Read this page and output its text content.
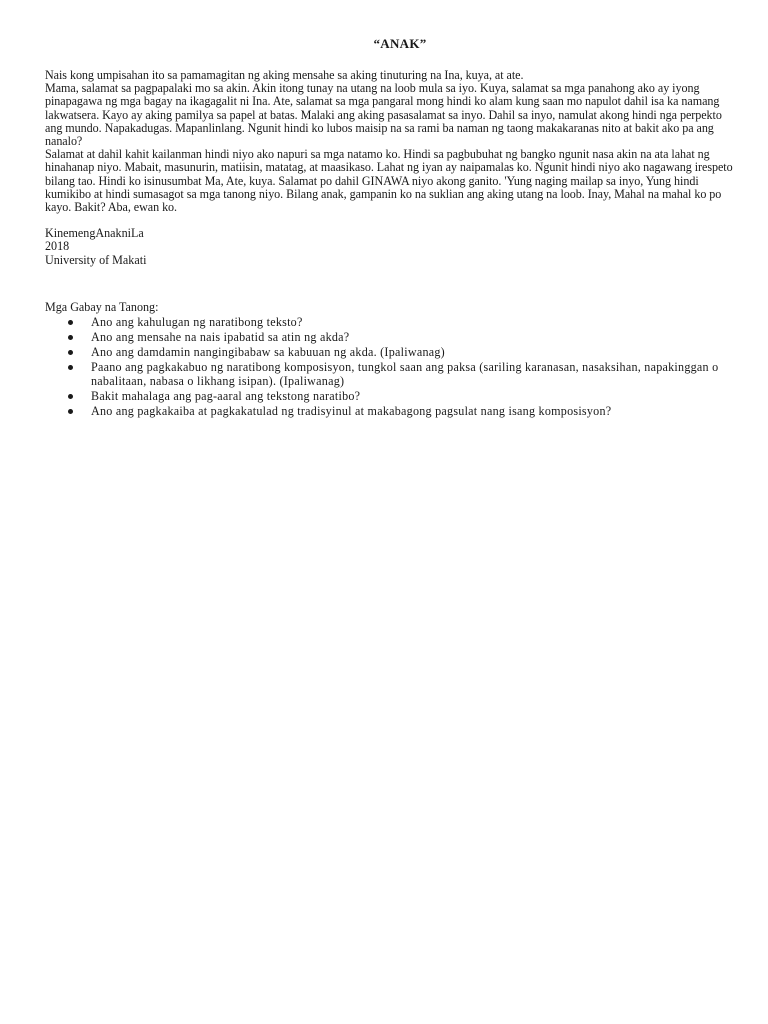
“ANAK”

Nais kong umpisahan ito sa pamamagitan ng aking mensahe sa aking tinuturing na Ina, kuya, at ate.

Mama, salamat sa pagpapalaki mo sa akin. Akin itong tunay na utang na loob mula sa iyo. Kuya, salamat sa mga panahong ako ay iyong pinapagawa ng mga bagay na ikagagalit ni Ina. Ate, salamat sa mga pangaral mong hindi ko alam kung saan mo napulot dahil isa ka namang lakwatsera. Kayo ay aking pamilya sa papel at batas. Malaki ang aking pasasalamat sa inyo. Dahil sa inyo, namulat akong hindi nga perpekto ang mundo. Napakadugas. Mapanlinlang. Ngunit hindi ko lubos maisip na sa rami ba naman ng taong makakaranas nito at bakit ako pa ang nanalo?

Salamat at dahil kahit kailanman hindi niyo ako napuri sa mga natamo ko. Hindi sa pagbubuhat ng bangko ngunit nasa akin na ata lahat ng hinahanap niyo. Mabait, masunurin, matiisin, matatag, at maasikaso. Lahat ng iyan ay naipamalas ko. Ngunit hindi niyo ako nagawang irespeto bilang tao. Hindi ko isinusumbat Ma, Ate, kuya. Salamat po dahil GINAWA niyo akong ganito. 'Yung naging mailap sa inyo, Yung hindi kumikibo at hindi sumasagot sa mga tanong niyo. Bilang anak, gampanin ko na suklian ang aking utang na loob. Inay, Mahal na mahal ko po kayo. Bakit? Aba, ewan ko.

KinemengAnakniLa
2018
University of Makati
Mga Gabay na Tanong:
Ano ang kahulugan ng naratibong teksto?
Ano ang mensahe na nais ipabatid sa atin ng akda?
Ano ang damdamin nangingibabaw sa kabuuan ng akda. (Ipaliwanag)
Paano ang pagkakabuo ng naratibong komposisyon, tungkol saan ang paksa (sariling karanasan, nasaksihan, napakinggan o nabalitaan, nabasa o likhang isipan). (Ipaliwanag)
Bakit mahalaga ang pag-aaral ang tekstong naratibo?
Ano ang pagkakaiba at pagkakatulad ng tradisyinul at makabagong pagsulat nang isang komposisyon?
